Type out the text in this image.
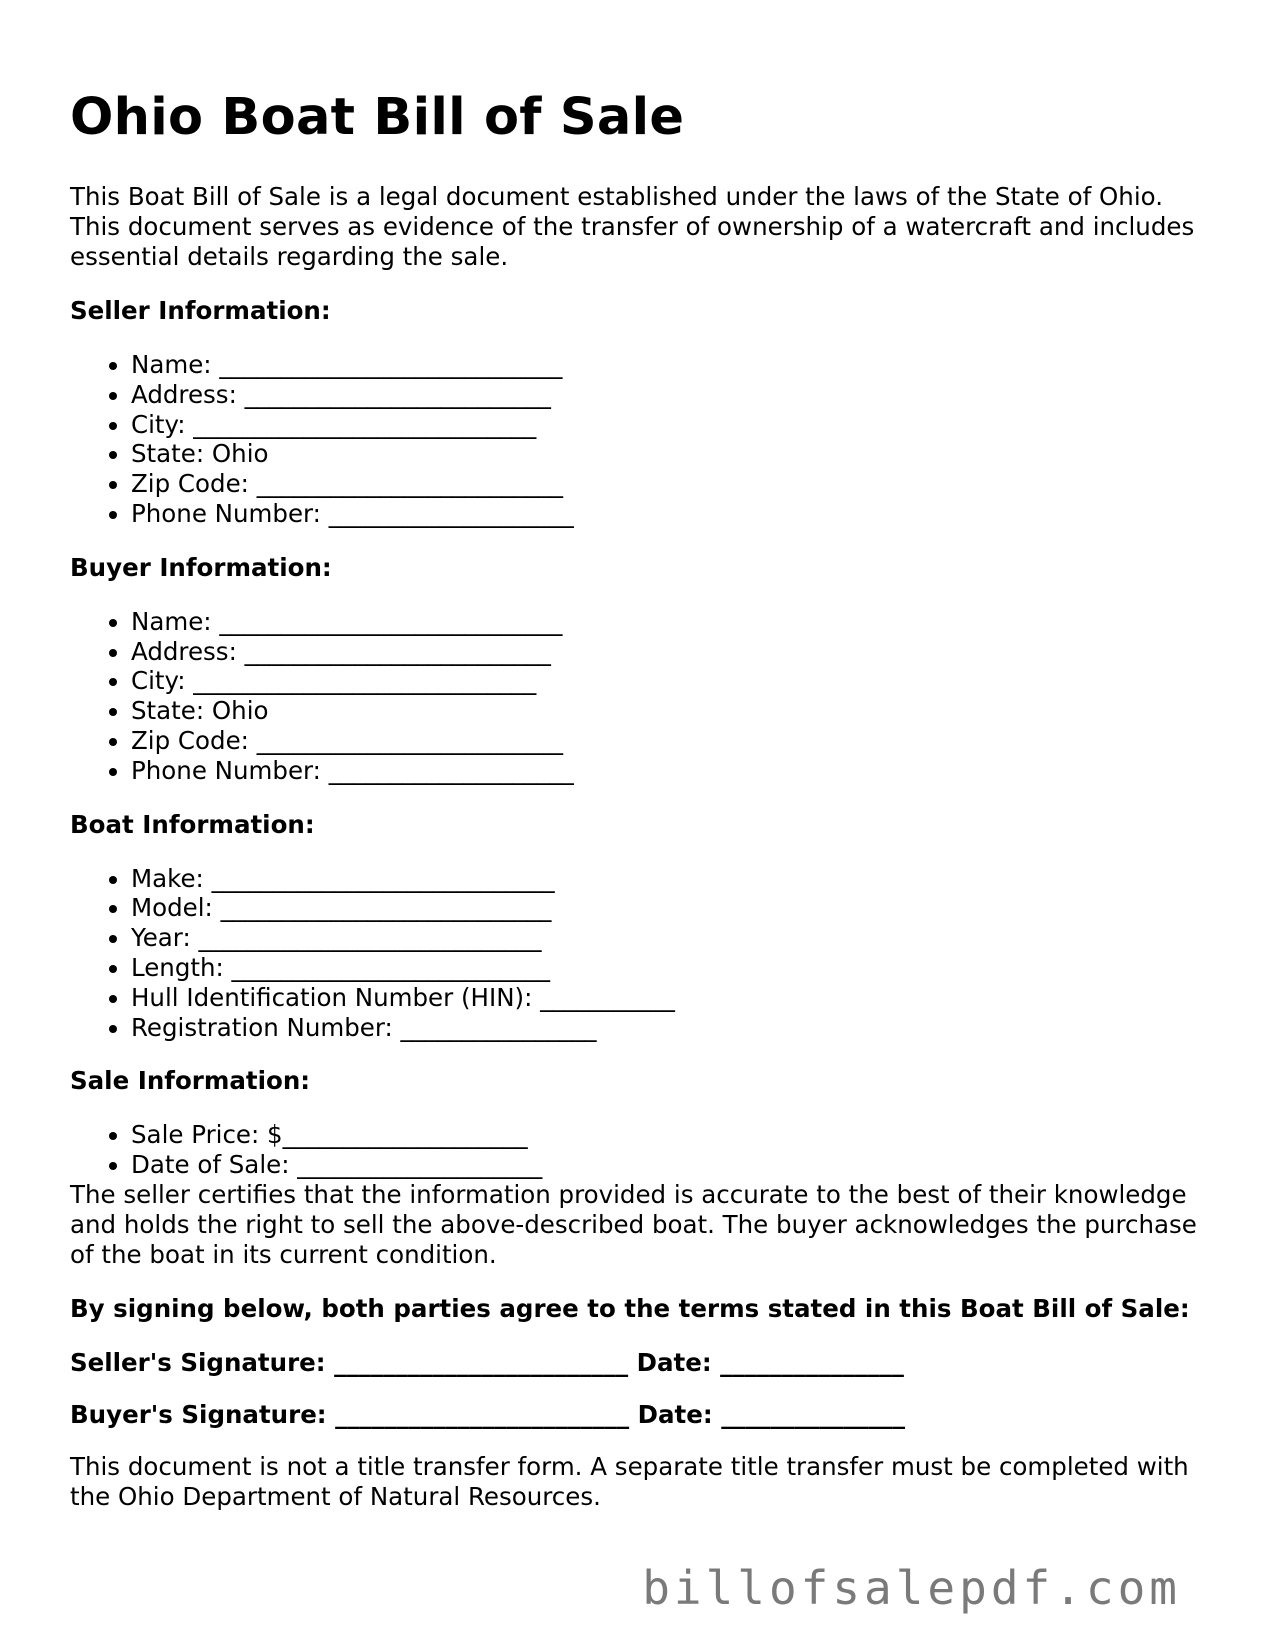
Ohio Boat Bill of Sale

This Boat Bill of Sale is a legal document established under the laws of the State of Ohio. This document serves as evidence of the transfer of ownership of a watercraft and includes essential details regarding the sale.

Seller Information:
• Name: ____________________________
• Address: _________________________
• City: ____________________________
• State: Ohio
• Zip Code: _________________________
• Phone Number: ____________________
Buyer Information:
• Name: ____________________________
• Address: _________________________
• City: ____________________________
• State: Ohio
• Zip Code: _________________________
• Phone Number: ____________________
Boat Information:
• Make: ____________________________
• Model: ___________________________
• Year: ____________________________
• Length: __________________________
• Hull Identification Number (HIN): ___________
• Registration Number: ________________
Sale Information:
• Sale Price: $____________________
• Date of Sale: ____________________

The seller certifies that the information provided is accurate to the best of their knowledge and holds the right to sell the above-described boat. The buyer acknowledges the purchase of the boat in its current condition.

By signing below, both parties agree to the terms stated in this Boat Bill of Sale:

Seller's Signature: ________________________ Date: _______________

Buyer's Signature: ________________________ Date: _______________

This document is not a title transfer form. A separate title transfer must be completed with the Ohio Department of Natural Resources.

billofsalepdf.com
